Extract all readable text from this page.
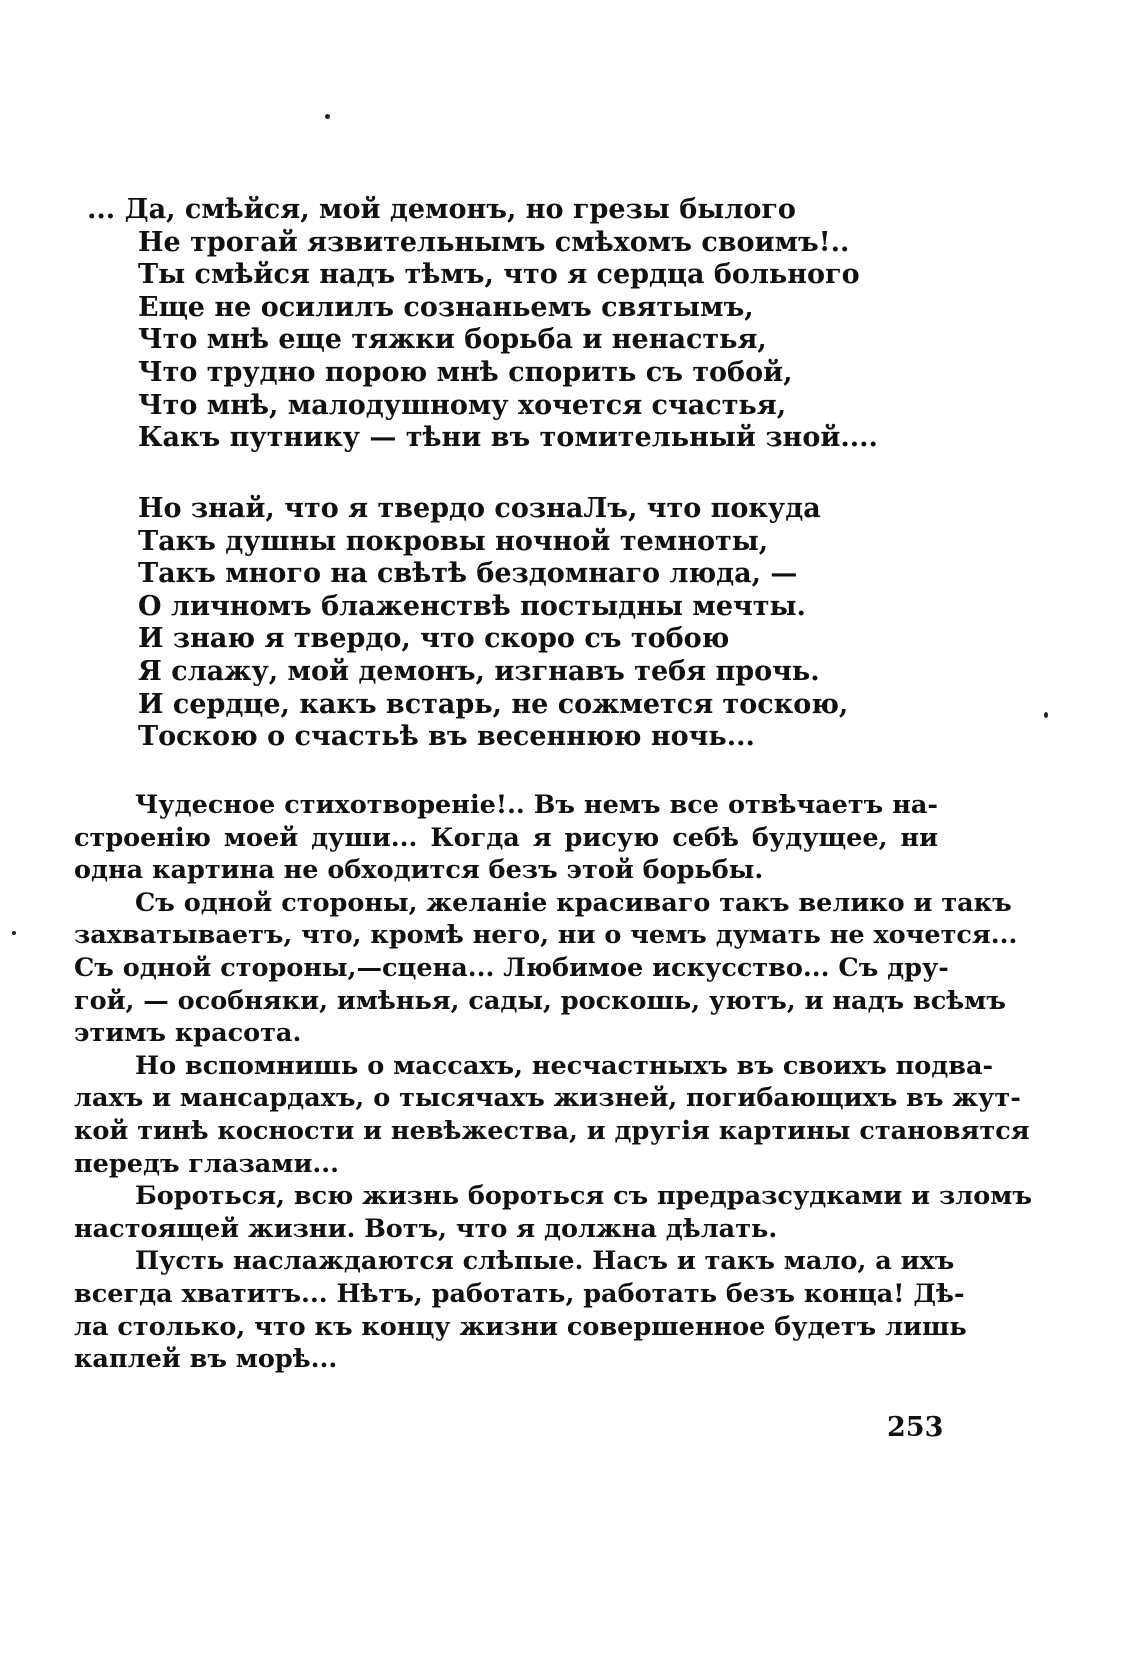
... Да, смѣйся, мой демонъ, но грезы былого
Не трогай язвительнымъ смѣхомъ своимъ!..
Ты смѣйся надъ тѣмъ, что я сердца больного
Еще не осилилъ сознаньемъ святымъ,
Что мнѣ еще тяжки борьба и ненастья,
Что трудно порою мнѣ спорить съ тобой,
Что мнѣ, малодушному хочется счастья,
Какъ путнику — тѣни въ томительный зной....
Но знай, что я твердо сознаЛъ, что покуда
Такъ душны покровы ночной темноты,
Такъ много на свѣтѣ бездомнаго люда, —
О личномъ блаженствѣ постыдны мечты.
И знаю я твердо, что скоро съ тобою
Я слажу, мой демонъ, изгнавъ тебя прочь.
И сердце, какъ встарь, не сожмется тоскою,
Тоскою о счастьѣ въ весеннюю ночь...
Чудесное стихотвореніе!.. Въ немъ все отвѣчаетъ на-
строенію моей души... Когда я рисую себѣ будущее, ни
одна картина не обходится безъ этой борьбы.
Съ одной стороны, желаніе красиваго такъ велико и такъ
захватываетъ, что, кромѣ него, ни о чемъ думать не хочется...
Съ одной стороны,—сцена... Любимое искусство... Съ дру-
гой, — особняки, имѣнья, сады, роскошь, уютъ, и надъ всѣмъ
этимъ красота.
Но вспомнишь о массахъ, несчастныхъ въ своихъ подва-
лахъ и мансардахъ, о тысячахъ жизней, погибающихъ въ жут-
кой тинѣ косности и невѣжества, и другія картины становятся
передъ глазами...
Бороться, всю жизнь бороться съ предразсудками и зломъ
настоящей жизни. Вотъ, что я должна дѣлать.
Пусть наслаждаются слѣпые. Насъ и такъ мало, а ихъ
всегда хватитъ... Нѣтъ, работать, работать безъ конца! Дѣ-
ла столько, что къ концу жизни совершенное будетъ лишь
каплей въ морѣ...
253
